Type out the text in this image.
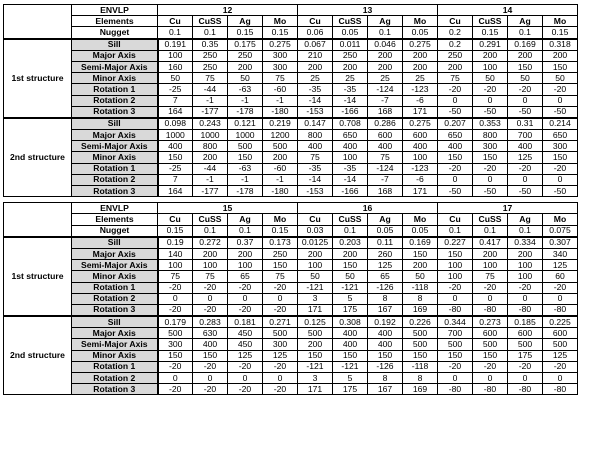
	ENVLP	12				13				14			
	Elements	Cu	CuSS	Ag	Mo	Cu	CuSS	Ag	Mo	Cu	CuSS	Ag	Mo
	Nugget	0.1	0.1	0.15	0.15	0.06	0.05	0.1	0.05	0.2	0.15	0.1	0.15
1st structure	Sill	0.191	0.35	0.175	0.275	0.067	0.011	0.046	0.275	0.2	0.291	0.169	0.318
	Major Axis	100	250	250	300	210	250	200	200	250	200	200	200
	Semi-Major Axis	160	250	200	300	200	200	200	200	200	100	150	150
	Minor Axis	50	75	50	75	25	25	25	25	75	50	50	50
	Rotation 1	-25	-44	-63	-60	-35	-35	-124	-123	-20	-20	-20	-20
	Rotation 2	7	-1	-1	-1	-14	-14	-7	-6	0	0	0	0
	Rotation 3	164	-177	-178	-180	-153	-166	168	171	-50	-50	-50	-50
2nd structure	Sill	0.098	0.243	0.121	0.219	0.147	0.708	0.286	0.275	0.207	0.353	0.31	0.214
	Major Axis	1000	1000	1000	1200	800	650	600	600	650	800	700	650
	Semi-Major Axis	400	800	500	500	400	400	400	400	400	300	400	300
	Minor Axis	150	200	150	200	75	100	75	100	150	150	125	150
	Rotation 1	-25	-44	-63	-60	-35	-35	-124	-123	-20	-20	-20	-20
	Rotation 2	7	-1	-1	-1	-14	-14	-7	-6	0	0	0	0
	Rotation 3	164	-177	-178	-180	-153	-166	168	171	-50	-50	-50	-50

	ENVLP	15				16				17			
	Elements	Cu	CuSS	Ag	Mo	Cu	CuSS	Ag	Mo	Cu	CuSS	Ag	Mo
	Nugget	0.15	0.1	0.1	0.15	0.03	0.1	0.05	0.05	0.1	0.1	0.1	0.075
1st structure	Sill	0.19	0.272	0.37	0.173	0.0125	0.203	0.11	0.169	0.227	0.417	0.334	0.307
	Major Axis	140	200	200	250	200	200	260	150	150	200	200	340
	Semi-Major Axis	100	100	100	150	100	150	125	200	100	100	100	125
	Minor Axis	75	75	65	75	50	50	65	50	100	75	100	60
	Rotation 1	-20	-20	-20	-20	-121	-121	-126	-118	-20	-20	-20	-20
	Rotation 2	0	0	0	0	3	5	8	8	0	0	0	0
	Rotation 3	-20	-20	-20	-20	171	175	167	169	-80	-80	-80	-80
2nd structure	Sill	0.179	0.283	0.181	0.271	0.125	0.308	0.192	0.226	0.344	0.273	0.185	0.225
	Major Axis	500	630	450	500	500	400	400	500	700	600	600	600
	Semi-Major Axis	300	400	450	300	200	400	400	500	500	500	500	500
	Minor Axis	150	150	125	125	150	150	150	150	150	150	175	125
	Rotation 1	-20	-20	-20	-20	-121	-121	-126	-118	-20	-20	-20	-20
	Rotation 2	0	0	0	0	3	5	8	8	0	0	0	0
	Rotation 3	-20	-20	-20	-20	171	175	167	169	-80	-80	-80	-80
